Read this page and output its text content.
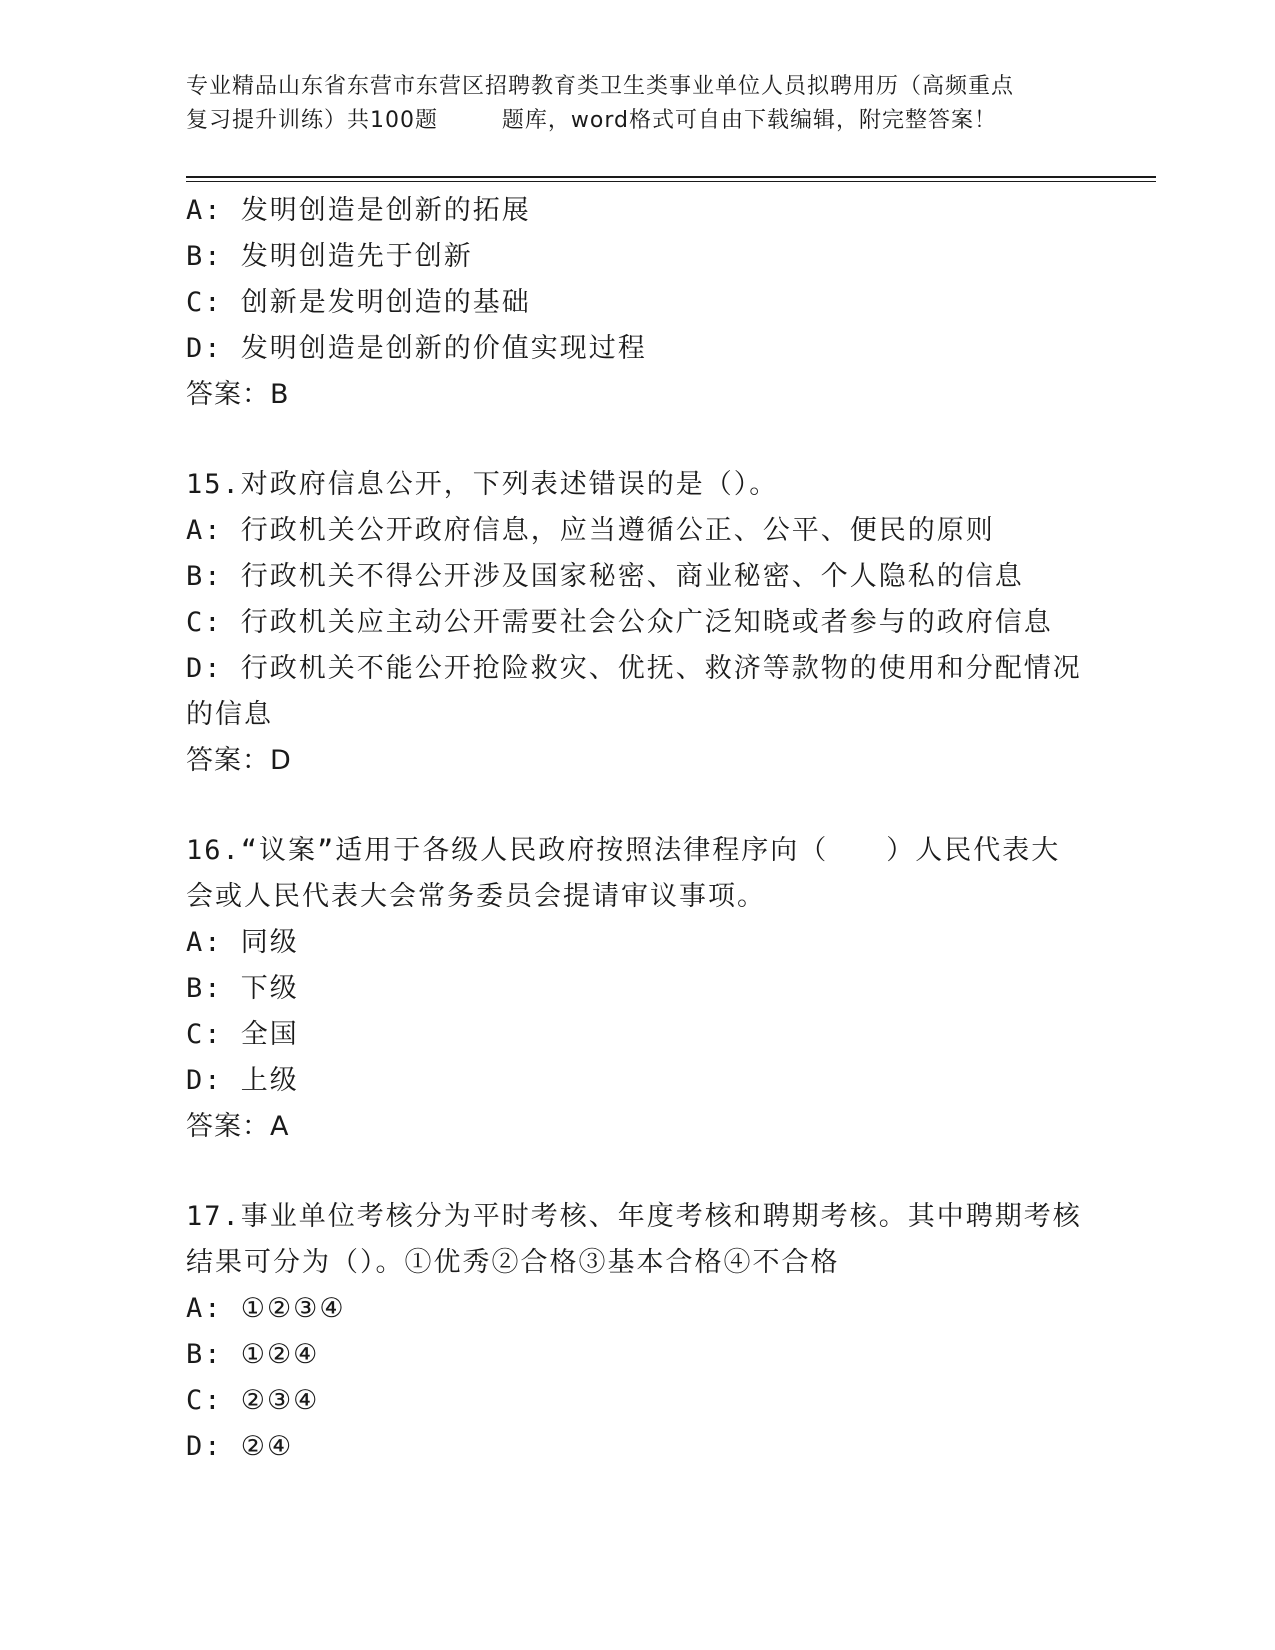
专业精品山东省东营市东营区招聘教育类卫生类事业单位人员拟聘用历（高频重点
复习提升训练）共100题        题库，word格式可自由下载编辑，附完整答案！
A: 发明创造是创新的拓展
B: 发明创造先于创新
C: 创新是发明创造的基础
D: 发明创造是创新的价值实现过程
答案：B
15.对政府信息公开，下列表述错误的是（）。
A: 行政机关公开政府信息，应当遵循公正、公平、便民的原则
B: 行政机关不得公开涉及国家秘密、商业秘密、个人隐私的信息
C: 行政机关应主动公开需要社会公众广泛知晓或者参与的政府信息
D: 行政机关不能公开抢险救灾、优抚、救济等款物的使用和分配情况
的信息
答案：D
16.“议案”适用于各级人民政府按照法律程序向（　　）人民代表大
会或人民代表大会常务委员会提请审议事项。
A: 同级
B: 下级
C: 全国
D: 上级
答案：A
17.事业单位考核分为平时考核、年度考核和聘期考核。其中聘期考核
结果可分为（）。①优秀②合格③基本合格④不合格
A: ①②③④
B: ①②④
C: ②③④
D: ②④
